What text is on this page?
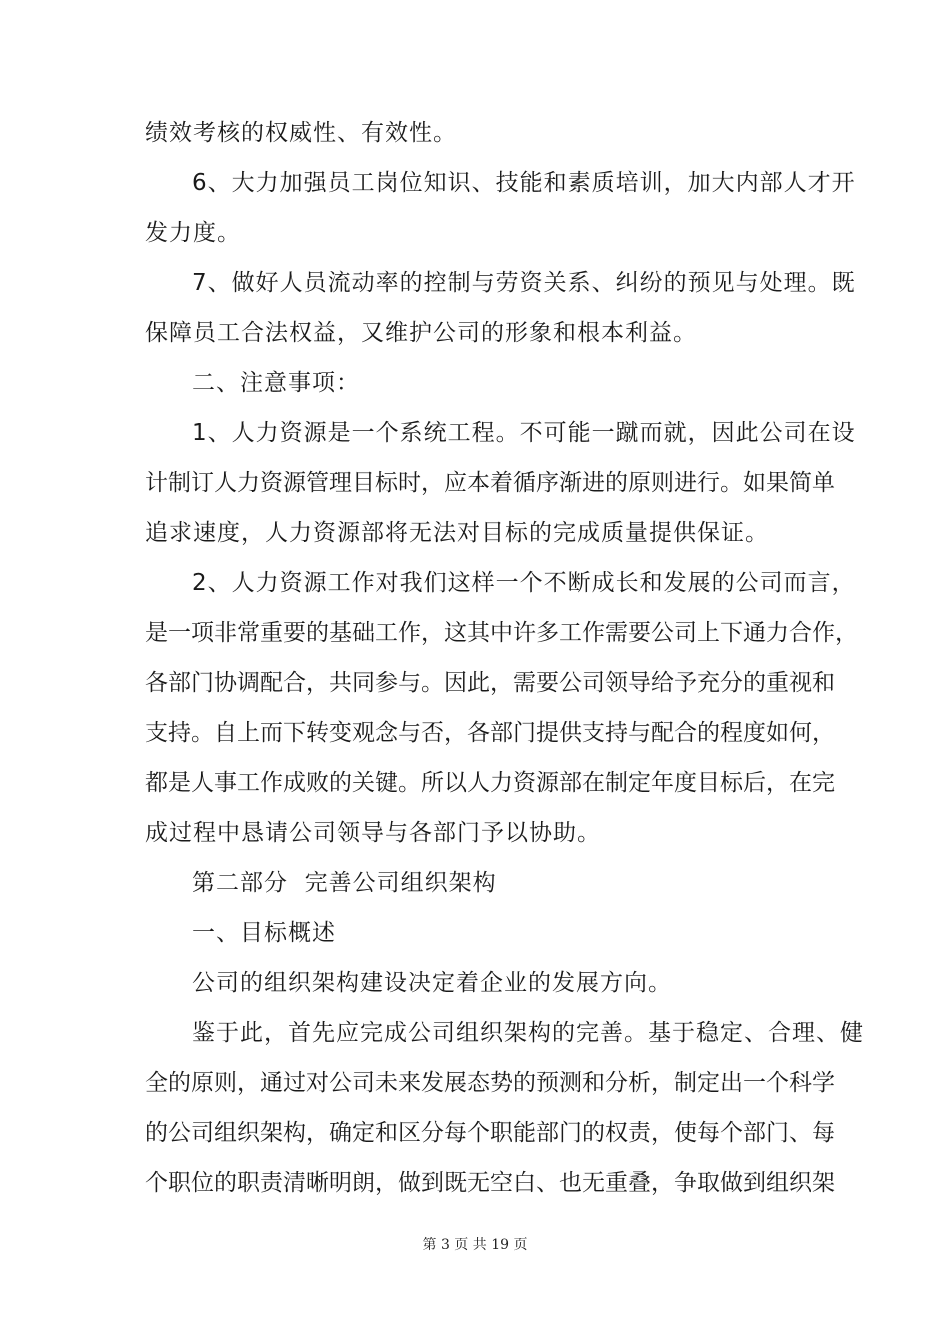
绩效考核的权威性、有效性。
6、大力加强员工岗位知识、技能和素质培训，加大内部人才开
发力度。
7、做好人员流动率的控制与劳资关系、纠纷的预见与处理。既
保障员工合法权益，又维护公司的形象和根本利益。
二、注意事项：
1、人力资源是一个系统工程。不可能一蹴而就，因此公司在设
计制订人力资源管理目标时，应本着循序渐进的原则进行。如果简单
追求速度，人力资源部将无法对目标的完成质量提供保证。
2、人力资源工作对我们这样一个不断成长和发展的公司而言，
是一项非常重要的基础工作，这其中许多工作需要公司上下通力合作，
各部门协调配合，共同参与。因此，需要公司领导给予充分的重视和
支持。自上而下转变观念与否，各部门提供支持与配合的程度如何，
都是人事工作成败的关键。所以人力资源部在制定年度目标后，在完
成过程中恳请公司领导与各部门予以协助。
第二部分  完善公司组织架构
一、目标概述
公司的组织架构建设决定着企业的发展方向。
鉴于此，首先应完成公司组织架构的完善。基于稳定、合理、健
全的原则，通过对公司未来发展态势的预测和分析，制定出一个科学
的公司组织架构，确定和区分每个职能部门的权责，使每个部门、每
个职位的职责清晰明朗，做到既无空白、也无重叠，争取做到组织架
第 3 页 共 19 页
